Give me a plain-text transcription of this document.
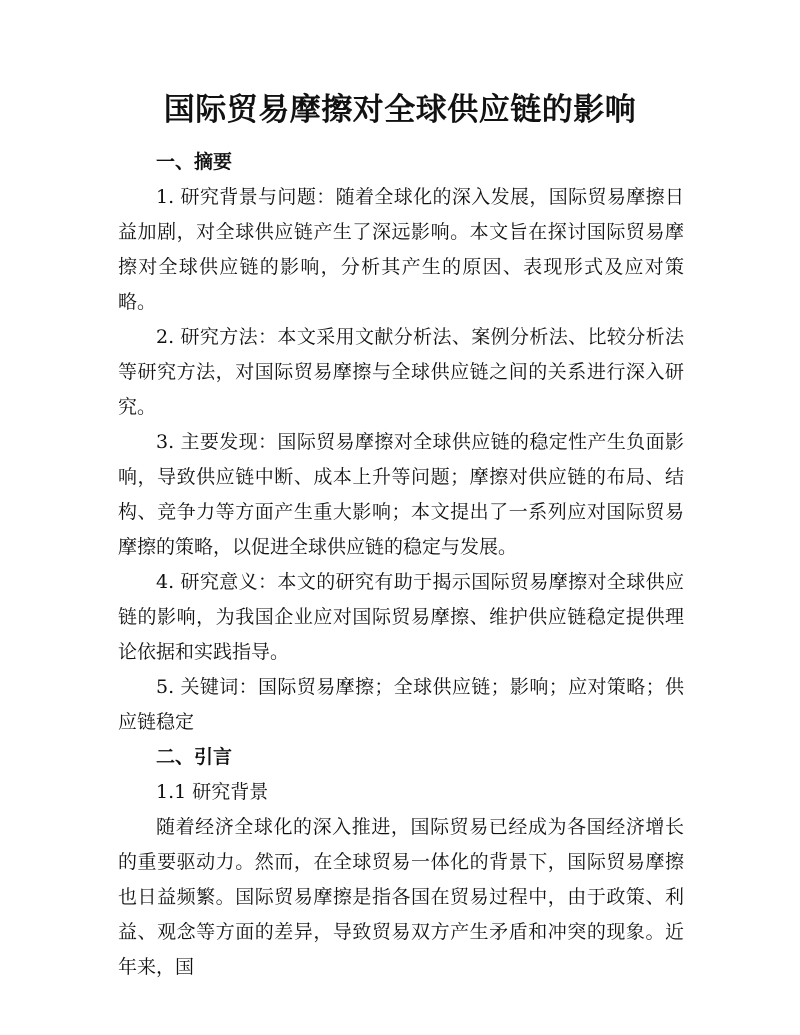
国际贸易摩擦对全球供应链的影响
一、摘要

1. 研究背景与问题：随着全球化的深入发展，国际贸易摩擦日益加剧，对全球供应链产生了深远影响。本文旨在探讨国际贸易摩擦对全球供应链的影响，分析其产生的原因、表现形式及应对策略。

2. 研究方法：本文采用文献分析法、案例分析法、比较分析法等研究方法，对国际贸易摩擦与全球供应链之间的关系进行深入研究。

3. 主要发现：国际贸易摩擦对全球供应链的稳定性产生负面影响，导致供应链中断、成本上升等问题；摩擦对供应链的布局、结构、竞争力等方面产生重大影响；本文提出了一系列应对国际贸易摩擦的策略，以促进全球供应链的稳定与发展。

4. 研究意义：本文的研究有助于揭示国际贸易摩擦对全球供应链的影响，为我国企业应对国际贸易摩擦、维护供应链稳定提供理论依据和实践指导。

5. 关键词：国际贸易摩擦；全球供应链；影响；应对策略；供应链稳定

二、引言

1.1 研究背景

随着经济全球化的深入推进，国际贸易已经成为各国经济增长的重要驱动力。然而，在全球贸易一体化的背景下，国际贸易摩擦也日益频繁。国际贸易摩擦是指各国在贸易过程中，由于政策、利益、观念等方面的差异，导致贸易双方产生矛盾和冲突的现象。近年来，国
